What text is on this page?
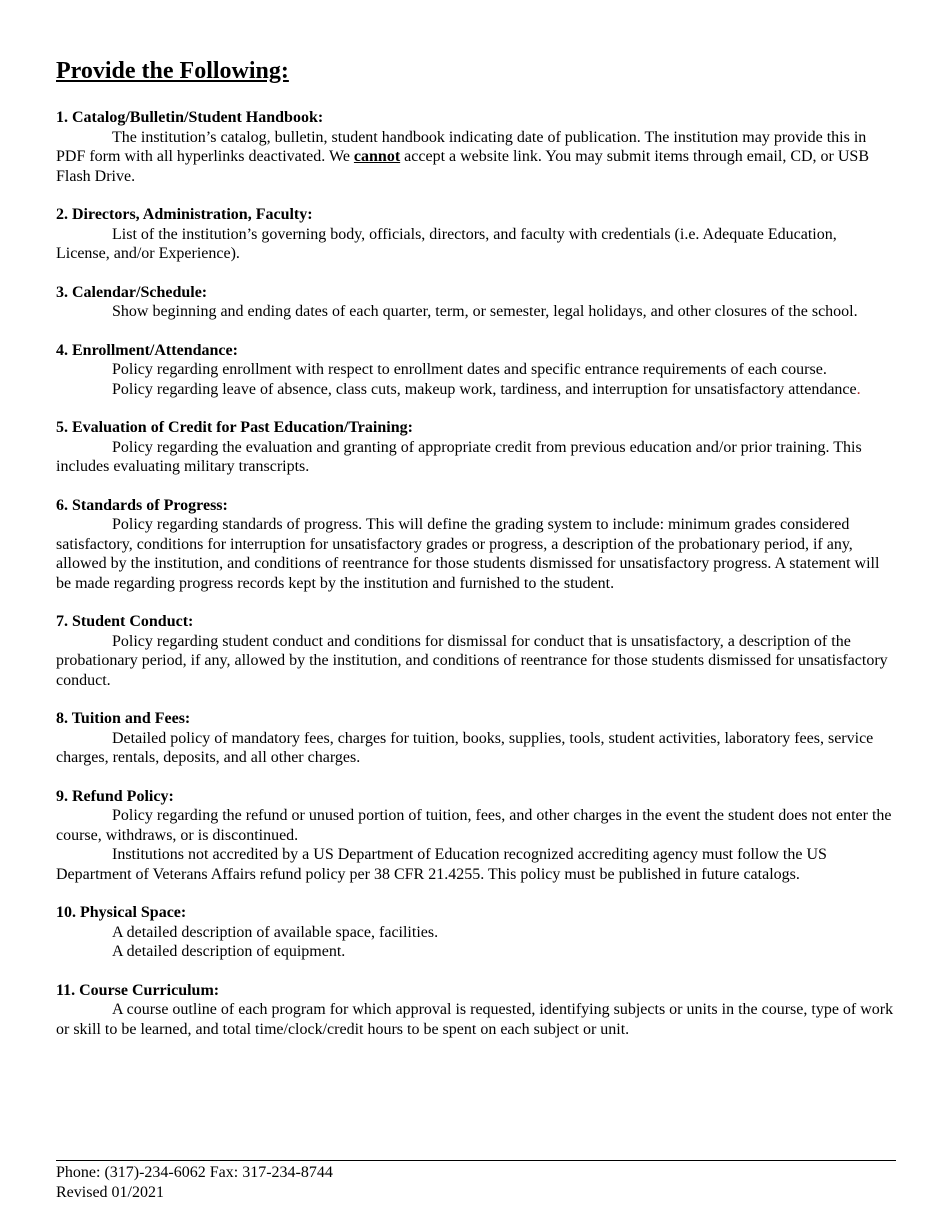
Provide the Following:

1. Catalog/Bulletin/Student Handbook:

The institution’s catalog, bulletin, student handbook indicating date of publication. The institution may provide this in PDF form with all hyperlinks deactivated. We cannot accept a website link. You may submit items through email, CD, or USB Flash Drive.

2. Directors, Administration, Faculty:

List of the institution’s governing body, officials, directors, and faculty with credentials (i.e. Adequate Education, License, and/or Experience).

3. Calendar/Schedule:

Show beginning and ending dates of each quarter, term, or semester, legal holidays, and other closures of the school.

4. Enrollment/Attendance:

Policy regarding enrollment with respect to enrollment dates and specific entrance requirements of each course.

Policy regarding leave of absence, class cuts, makeup work, tardiness, and interruption for unsatisfactory attendance.

5. Evaluation of Credit for Past Education/Training:

Policy regarding the evaluation and granting of appropriate credit from previous education and/or prior training. This includes evaluating military transcripts.

6. Standards of Progress:

Policy regarding standards of progress. This will define the grading system to include: minimum grades considered satisfactory, conditions for interruption for unsatisfactory grades or progress, a description of the probationary period, if any, allowed by the institution, and conditions of reentrance for those students dismissed for unsatisfactory progress. A statement will be made regarding progress records kept by the institution and furnished to the student.

7. Student Conduct:

Policy regarding student conduct and conditions for dismissal for conduct that is unsatisfactory, a description of the probationary period, if any, allowed by the institution, and conditions of reentrance for those students dismissed for unsatisfactory conduct.

8. Tuition and Fees:

Detailed policy of mandatory fees, charges for tuition, books, supplies, tools, student activities, laboratory fees, service charges, rentals, deposits, and all other charges.

9. Refund Policy:

Policy regarding the refund or unused portion of tuition, fees, and other charges in the event the student does not enter the course, withdraws, or is discontinued.

Institutions not accredited by a US Department of Education recognized accrediting agency must follow the US Department of Veterans Affairs refund policy per 38 CFR 21.4255. This policy must be published in future catalogs.

10. Physical Space:

A detailed description of available space, facilities.

A detailed description of equipment.

11. Course Curriculum:

A course outline of each program for which approval is requested, identifying subjects or units in the course, type of work or skill to be learned, and total time/clock/credit hours to be spent on each subject or unit.

Phone: (317)-234-6062 Fax: 317-234-8744
Revised 01/2021
